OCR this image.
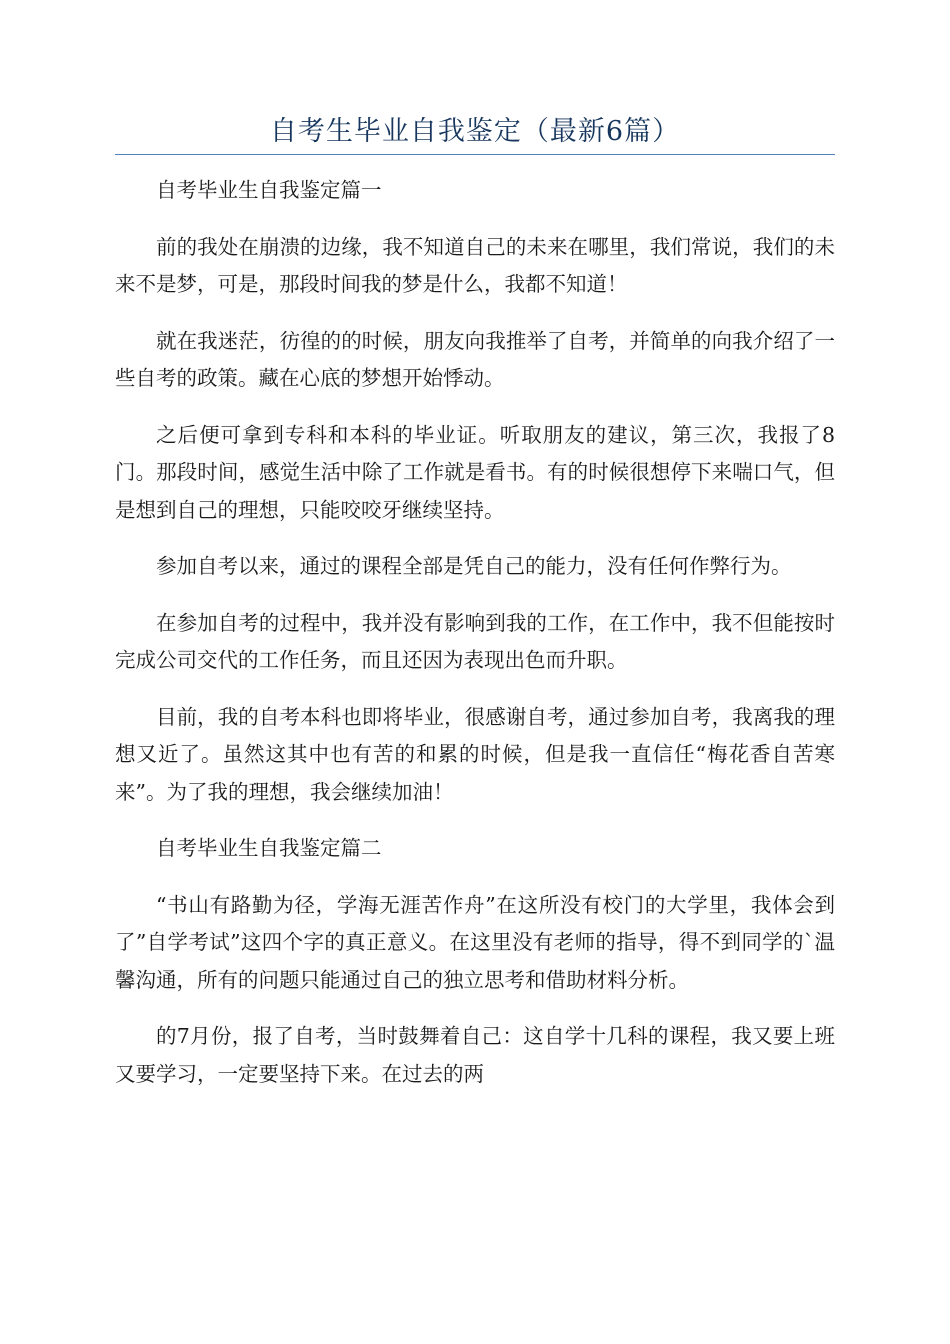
自考生毕业自我鉴定（最新6篇）

自考毕业生自我鉴定篇一

前的我处在崩溃的边缘，我不知道自己的未来在哪里，我们常说，我们的未来不是梦，可是，那段时间我的梦是什么，我都不知道！

就在我迷茫，彷徨的的时候，朋友向我推举了自考，并简单的向我介绍了一些自考的政策。藏在心底的梦想开始悸动。

之后便可拿到专科和本科的毕业证。听取朋友的建议，第三次，我报了8门。那段时间，感觉生活中除了工作就是看书。有的时候很想停下来喘口气，但是想到自己的理想，只能咬咬牙继续坚持。

参加自考以来，通过的课程全部是凭自己的能力，没有任何作弊行为。

在参加自考的过程中，我并没有影响到我的工作，在工作中，我不但能按时完成公司交代的工作任务，而且还因为表现出色而升职。

目前，我的自考本科也即将毕业，很感谢自考，通过参加自考，我离我的理想又近了。虽然这其中也有苦的和累的时候，但是我一直信任“梅花香自苦寒来”。为了我的理想，我会继续加油！

自考毕业生自我鉴定篇二

“书山有路勤为径，学海无涯苦作舟”在这所没有校门的大学里，我体会到了”自学考试”这四个字的真正意义。在这里没有老师的指导，得不到同学的`温馨沟通，所有的问题只能通过自己的独立思考和借助材料分析。

的7月份，报了自考，当时鼓舞着自己：这自学十几科的课程，我又要上班又要学习，一定要坚持下来。在过去的两
